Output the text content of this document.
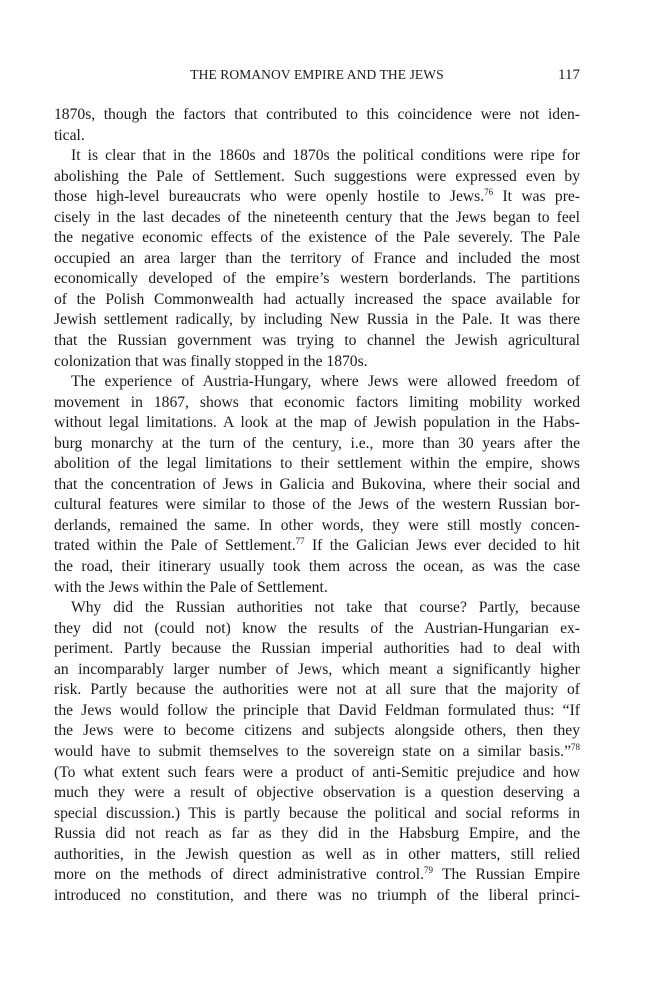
THE ROMANOV EMPIRE AND THE JEWS	117
1870s, though the factors that contributed to this coincidence were not iden-
tical.
It is clear that in the 1860s and 1870s the political conditions were ripe for
abolishing the Pale of Settlement. Such suggestions were expressed even by
those high-level bureaucrats who were openly hostile to Jews.$^{76}$ It was pre-
cisely in the last decades of the nineteenth century that the Jews began to feel
the negative economic effects of the existence of the Pale severely. The Pale
occupied an area larger than the territory of France and included the most
economically developed of the empire’s western borderlands. The partitions
of the Polish Commonwealth had actually increased the space available for
Jewish settlement radically, by including New Russia in the Pale. It was there
that the Russian government was trying to channel the Jewish agricultural
colonization that was finally stopped in the 1870s.
The experience of Austria-Hungary, where Jews were allowed freedom of
movement in 1867, shows that economic factors limiting mobility worked
without legal limitations. A look at the map of Jewish population in the Habs-
burg monarchy at the turn of the century, i.e., more than 30 years after the
abolition of the legal limitations to their settlement within the empire, shows
that the concentration of Jews in Galicia and Bukovina, where their social and
cultural features were similar to those of the Jews of the western Russian bor-
derlands, remained the same. In other words, they were still mostly concen-
trated within the Pale of Settlement.$^{77}$ If the Galician Jews ever decided to hit
the road, their itinerary usually took them across the ocean, as was the case
with the Jews within the Pale of Settlement.
Why did the Russian authorities not take that course? Partly, because
they did not (could not) know the results of the Austrian-Hungarian ex-
periment. Partly because the Russian imperial authorities had to deal with
an incomparably larger number of Jews, which meant a significantly higher
risk. Partly because the authorities were not at all sure that the majority of
the Jews would follow the principle that David Feldman formulated thus: “If
the Jews were to become citizens and subjects alongside others, then they
would have to submit themselves to the sovereign state on a similar basis.”$^{78}$
(To what extent such fears were a product of anti-Semitic prejudice and how
much they were a result of objective observation is a question deserving a
special discussion.) This is partly because the political and social reforms in
Russia did not reach as far as they did in the Habsburg Empire, and the
authorities, in the Jewish question as well as in other matters, still relied
more on the methods of direct administrative control.$^{79}$ The Russian Empire
introduced no constitution, and there was no triumph of the liberal princi-
